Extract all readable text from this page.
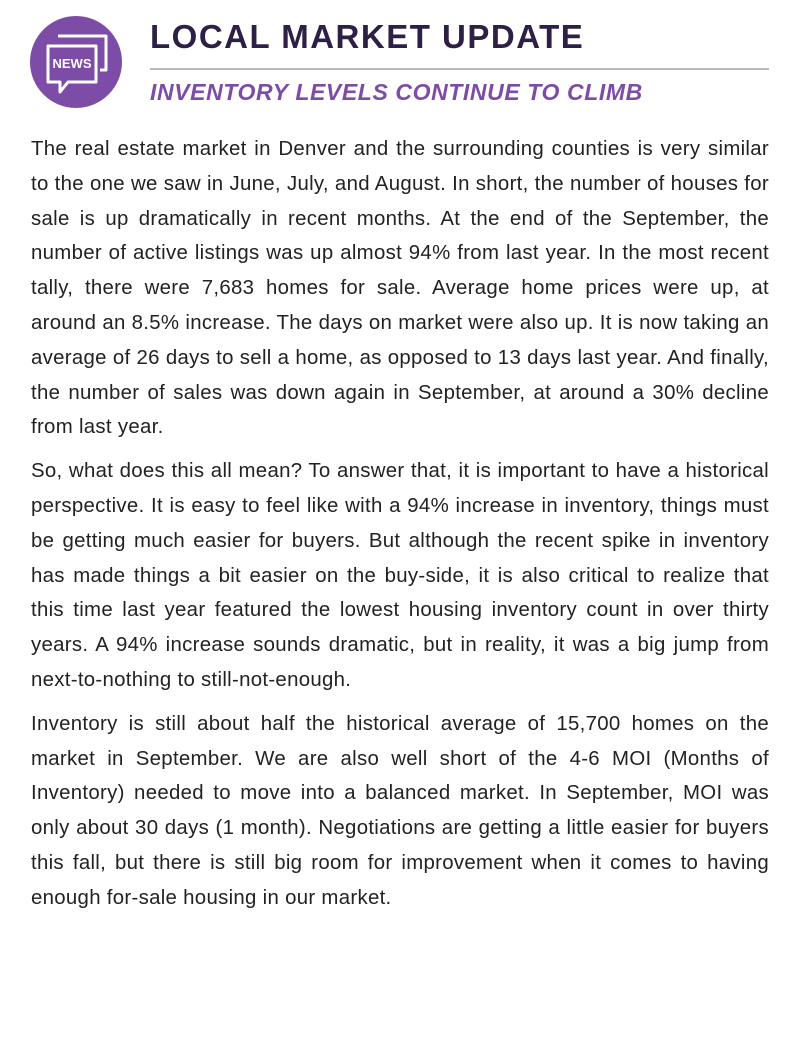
NEWS
LOCAL MARKET UPDATE
INVENTORY LEVELS CONTINUE TO CLIMB

The real estate market in Denver and the surrounding counties is very similar to the one we saw in June, July, and August. In short, the number of houses for sale is up dramatically in recent months. At the end of the September, the number of active listings was up almost 94% from last year. In the most recent tally, there were 7,683 homes for sale. Average home prices were up, at around an 8.5% increase. The days on market were also up. It is now taking an average of 26 days to sell a home, as opposed to 13 days last year. And finally, the number of sales was down again in September, at around a 30% decline from last year.

So, what does this all mean? To answer that, it is important to have a historical perspective. It is easy to feel like with a 94% increase in inventory, things must be getting much easier for buyers. But although the recent spike in inventory has made things a bit easier on the buy-side, it is also critical to realize that this time last year featured the lowest housing inventory count in over thirty years. A 94% increase sounds dramatic, but in reality, it was a big jump from next-to-nothing to still-not-enough.

Inventory is still about half the historical average of 15,700 homes on the market in September. We are also well short of the 4-6 MOI (Months of Inventory) needed to move into a balanced market. In September, MOI was only about 30 days (1 month). Negotiations are getting a little easier for buyers this fall, but there is still big room for improvement when it comes to having enough for-sale housing in our market.
